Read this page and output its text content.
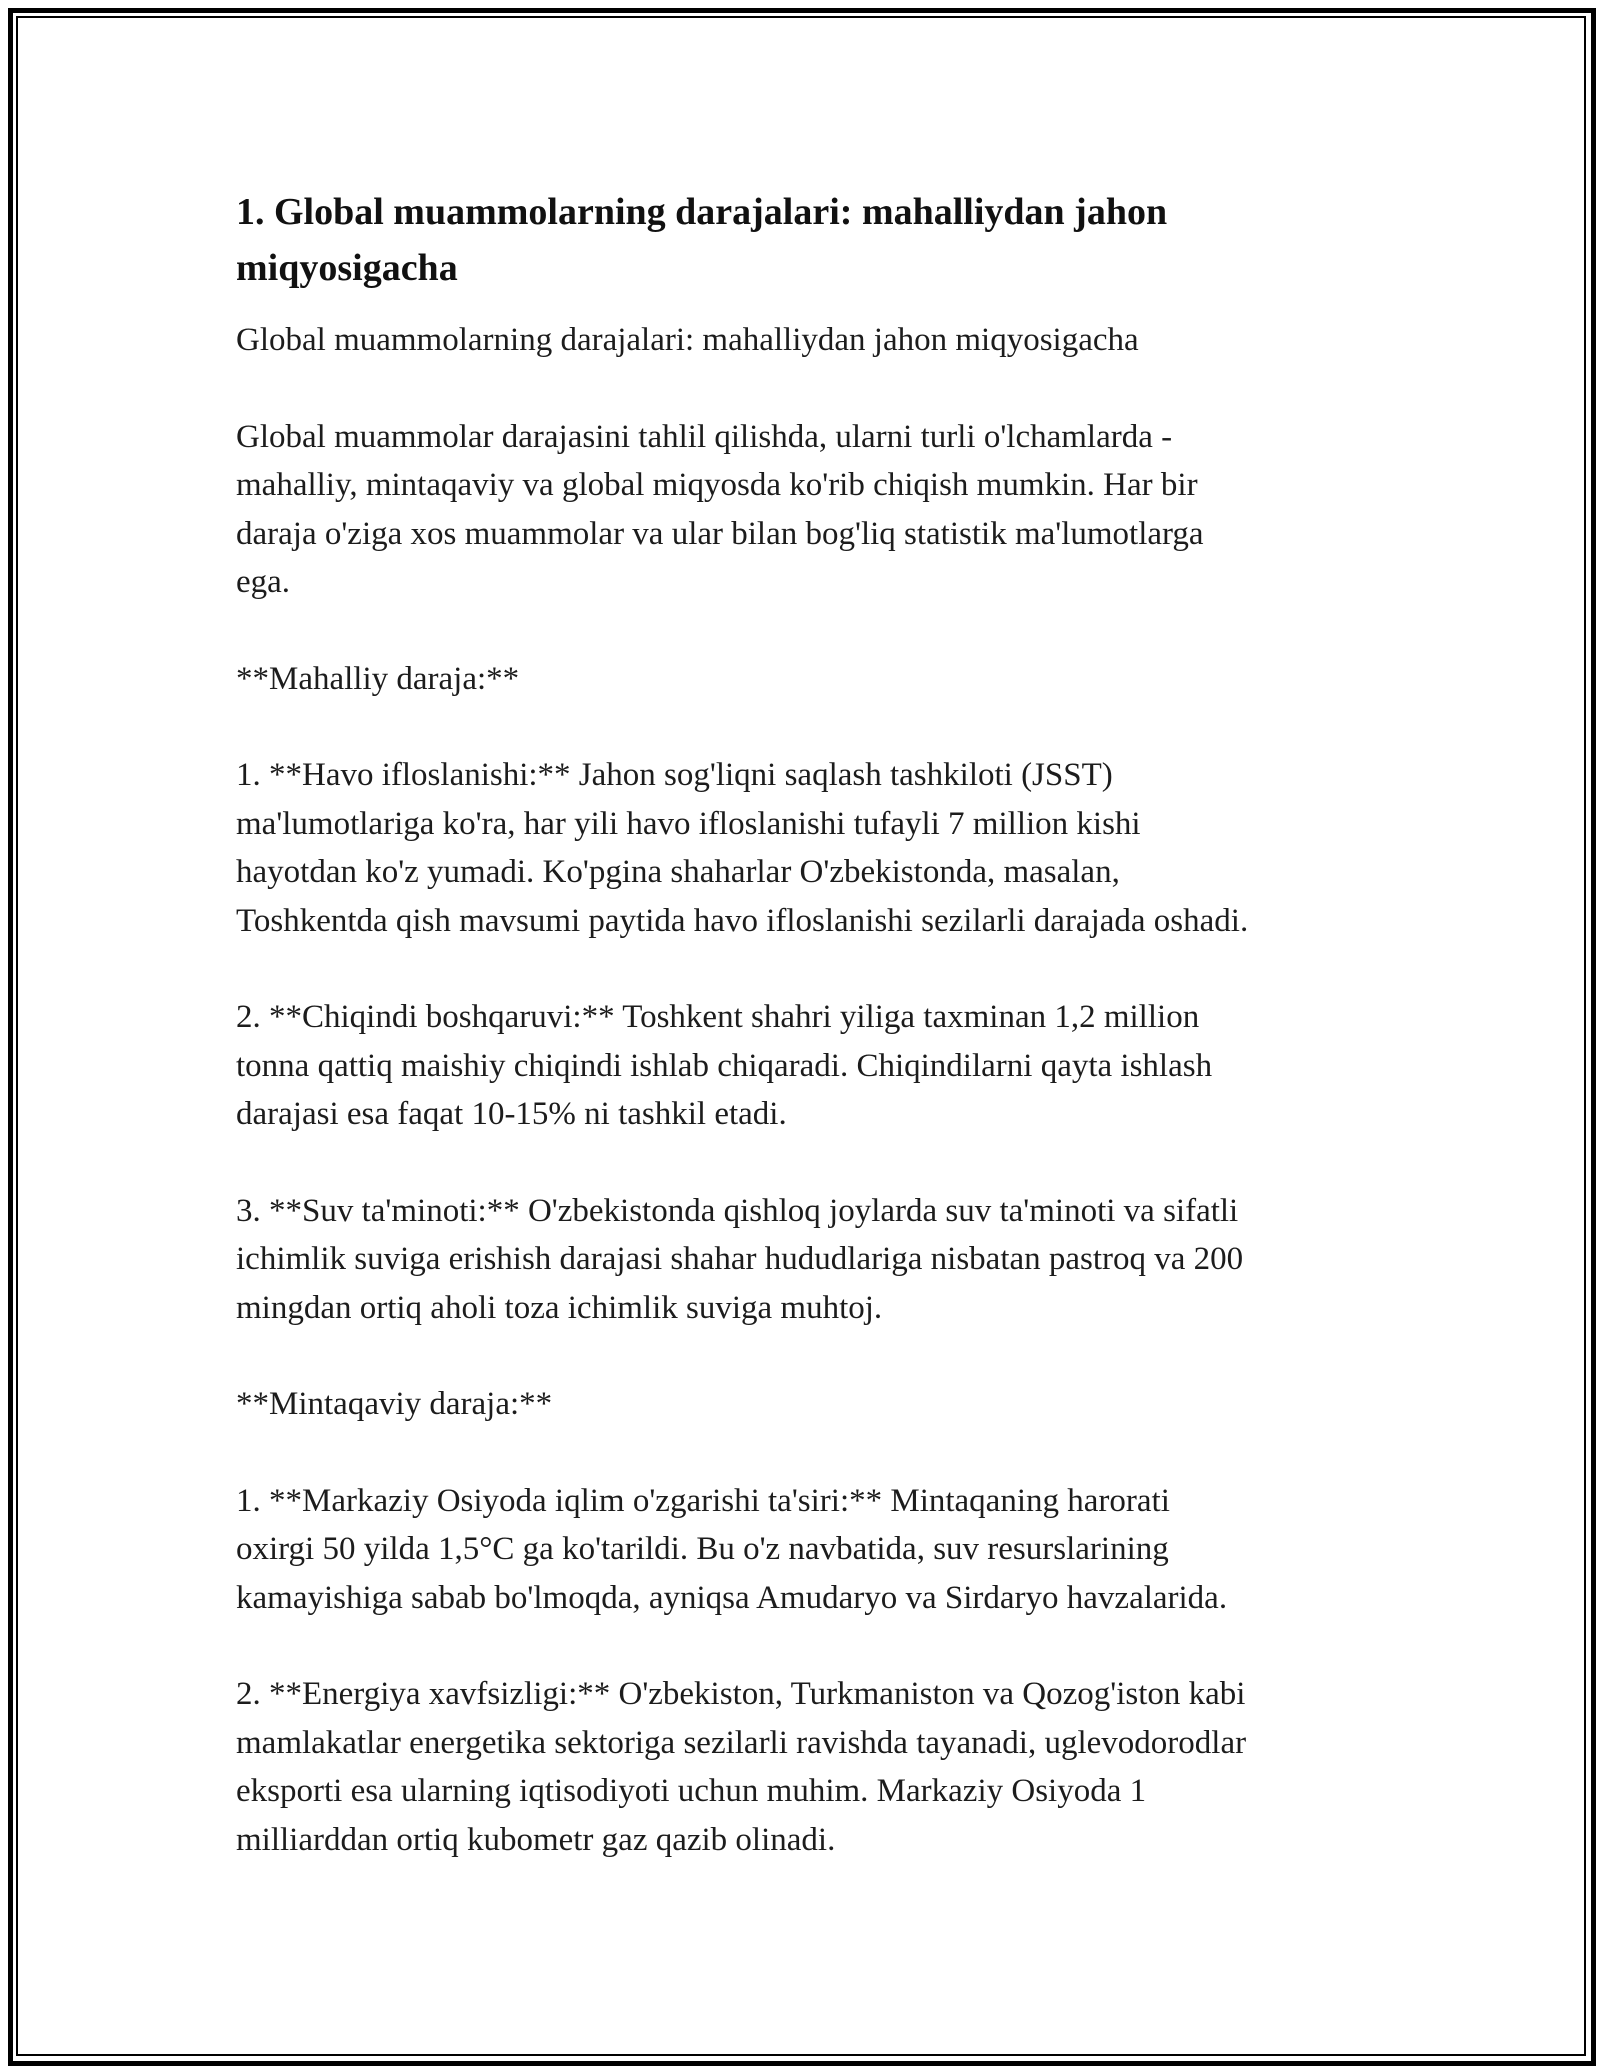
1. Global muammolarning darajalari: mahalliydan jahon miqyosigacha

Global muammolarning darajalari: mahalliydan jahon miqyosigacha

Global muammolar darajasini tahlil qilishda, ularni turli o'lchamlarda -
mahalliy, mintaqaviy va global miqyosda ko'rib chiqish mumkin. Har bir
daraja o'ziga xos muammolar va ular bilan bog'liq statistik ma'lumotlarga
ega.

**Mahalliy daraja:**

1. **Havo ifloslanishi:** Jahon sog'liqni saqlash tashkiloti (JSST)
ma'lumotlariga ko'ra, har yili havo ifloslanishi tufayli 7 million kishi
hayotdan ko'z yumadi. Ko'pgina shaharlar O'zbekistonda, masalan,
Toshkentda qish mavsumi paytida havo ifloslanishi sezilarli darajada oshadi.

2. **Chiqindi boshqaruvi:** Toshkent shahri yiliga taxminan 1,2 million
tonna qattiq maishiy chiqindi ishlab chiqaradi. Chiqindilarni qayta ishlash
darajasi esa faqat 10-15% ni tashkil etadi.

3. **Suv ta'minoti:** O'zbekistonda qishloq joylarda suv ta'minoti va sifatli
ichimlik suviga erishish darajasi shahar hududlariga nisbatan pastroq va 200
mingdan ortiq aholi toza ichimlik suviga muhtoj.

**Mintaqaviy daraja:**

1. **Markaziy Osiyoda iqlim o'zgarishi ta'siri:** Mintaqaning harorati
oxirgi 50 yilda 1,5°C ga ko'tarildi. Bu o'z navbatida, suv resurslarining
kamayishiga sabab bo'lmoqda, ayniqsa Amudaryo va Sirdaryo havzalarida.

2. **Energiya xavfsizligi:** O'zbekiston, Turkmaniston va Qozog'iston kabi
mamlakatlar energetika sektoriga sezilarli ravishda tayanadi, uglevodorodlar
eksporti esa ularning iqtisodiyoti uchun muhim. Markaziy Osiyoda 1
milliarddan ortiq kubometr gaz qazib olinadi.
